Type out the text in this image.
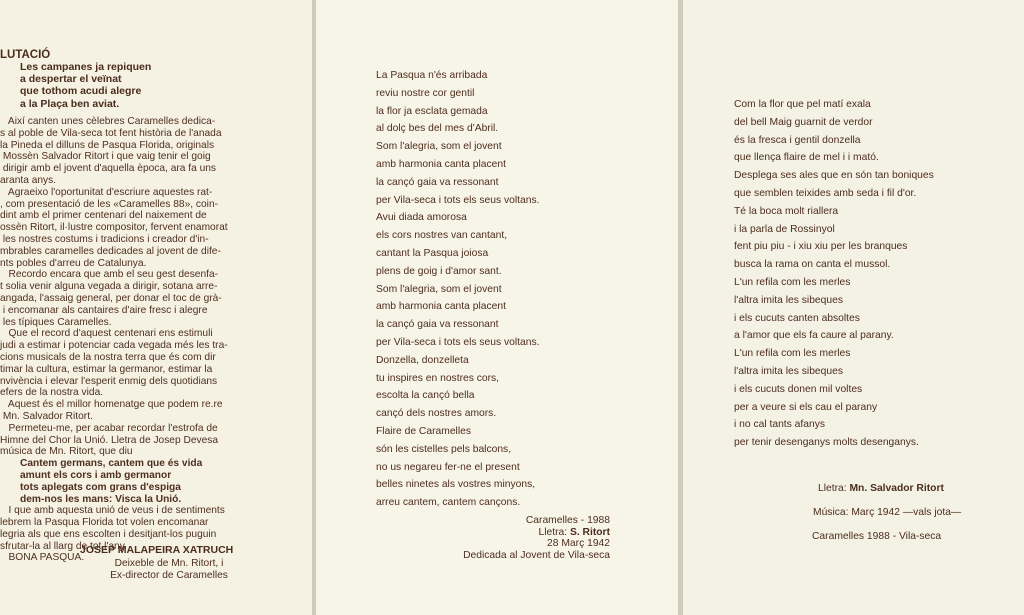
LUTACIÓ

Les campanes ja repiquen
a despertar el veïnat
que tothom acudi alegre
a la Plaça ben aviat.
Així canten unes cèlebres Caramelles dedica-
s al poble de Vila-seca tot fent història de l'anada
la Pineda el dilluns de Pasqua Florida, originals
Mossèn Salvador Ritort i que vaig tenir el goig
dirigir amb el jovent d'aquella època, ara fa uns
aranta anys.
Agraeixo l'oportunitat d'escriure aquestes rat-
, com presentació de les «Caramelles 88», coin-
dint amb el primer centenari del naixement de
ossèn Ritort, il·lustre compositor, fervent enamorat
les nostres costums i tradicions i creador d'in-
mbrables caramelles dedicades al jovent de dife-
nts pobles d'arreu de Catalunya.
Recordo encara que amb el seu gest desenfa-
t solia venir alguna vegada a dirigir, sotana arre-
angada, l'assaig general, per donar el toc de grà-
i encomanar als cantaires d'aire fresc i alegre
les típiques Caramelles.
Que el record d'aquest centenari ens estimuli
judi a estimar i potenciar cada vegada més les tra-
cions musicals de la nostra terra que és com dir
timar la cultura, estimar la germanor, estimar la
nvivència i elevar l'esperit enmig dels quotidians
efers de la nostra vida.
Aquest és el millor homenatge que podem re.re
Mn. Salvador Ritort.
Permeteu-me, per acabar recordar l'estrofa de
Himne del Chor la Unió. Lletra de Josep Devesa
música de Mn. Ritort, que diu
Cantem germans, cantem que és vida
amunt els cors i amb germanor
tots aplegats com grans d'espiga
dem-nos les mans: Visca la Unió.
I que amb aquesta unió de veus i de sentiments
lebrem la Pasqua Florida tot volen encomanar
legria als que ens escolten i desitjant-los puguin
sfrutar-la al llarg de tot l'any.
BONA PASQUA.
JOSEP MALAPEIRA XATRUCH
Deixeble de Mn. Ritort, i
Ex-director de Caramelles
La Pasqua n'és arribada
reviu nostre cor gentil
la flor ja esclata gemada
al dolç bes del mes d'Abril.
Som l'alegria, som el jovent
amb harmonia canta placent
la cançó gaia va ressonant
per Vila-seca i tots els seus voltans.
Avui diada amorosa
els cors nostres van cantant,
cantant la Pasqua joiosa
plens de goig i d'amor sant.
Som l'alegria, som el jovent
amb harmonia canta placent
la cançó gaia va ressonant
per Vila-seca i tots els seus voltans.
Donzella, donzelleta
tu inspires en nostres cors,
escolta la cançó bella
cançó dels nostres amors.
Flaire de Caramelles
són les cistelles pels balcons,
no us negareu fer-ne el present
belles ninetes als vostres minyons,
arreu cantem, cantem cançons.
Caramelles - 1988
Lletra: S. Ritort
28 Març 1942
Dedicada al Jovent de Vila-seca
Com la flor que pel matí exala
del bell Maig guarnit de verdor
és la fresca i gentil donzella
que llença flaire de mel i i mató.
Desplega ses ales que en són tan boniques
que semblen teixides amb seda i fil d'or.
Té la boca molt riallera
i la parla de Rossinyol
fent piu piu - i xiu xiu per les branques
busca la rama on canta el mussol.
L'un refila com les merles
l'altra imita les sibeques
i els cucuts canten absoltes
a l'amor que els fa caure al parany.
L'un refila com les merles
l'altra imita les sibeques
i els cucuts donen mil voltes
per a veure si els cau el parany
i no cal tants afanys
per tenir desenganys molts desenganys.
Lletra: Mn. Salvador Ritort
Música: Març 1942 —vals jota—
Caramelles 1988 - Vila-seca
